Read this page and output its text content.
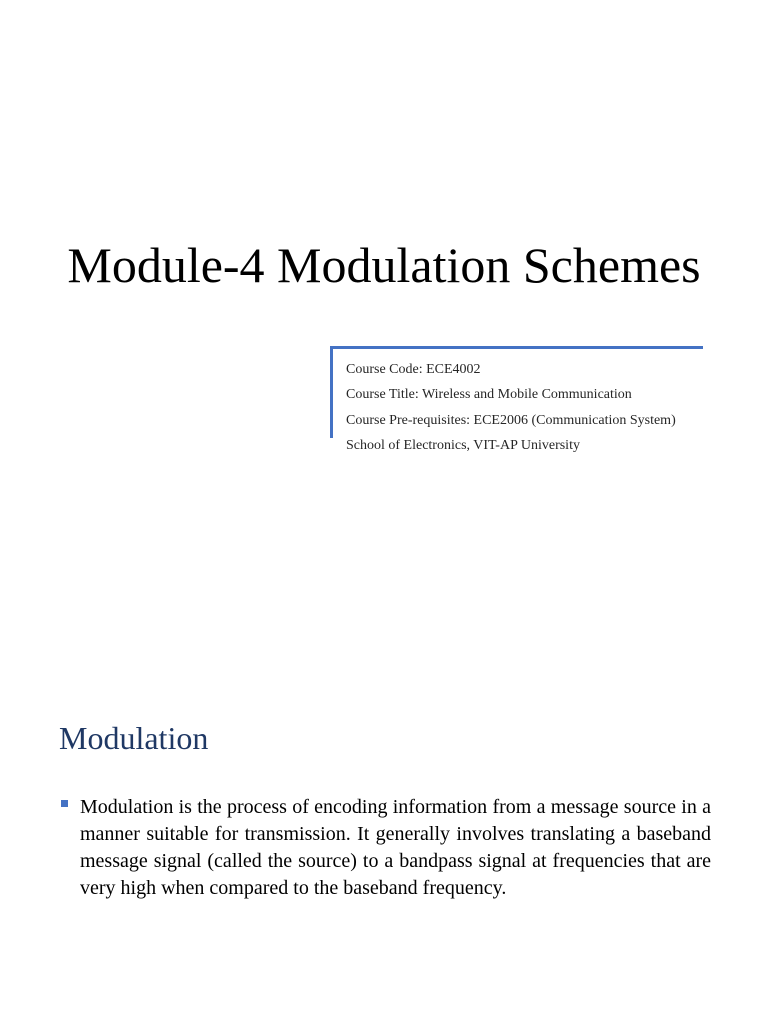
Module-4 Modulation Schemes
Course Code: ECE4002
Course Title: Wireless and Mobile Communication
Course Pre-requisites: ECE2006 (Communication System)
School of Electronics, VIT-AP University
Modulation

Modulation is the process of encoding information from a message source in a manner suitable for transmission. It generally involves translating a baseband message signal (called the source) to a bandpass signal at frequencies that are very high when compared to the baseband frequency.
